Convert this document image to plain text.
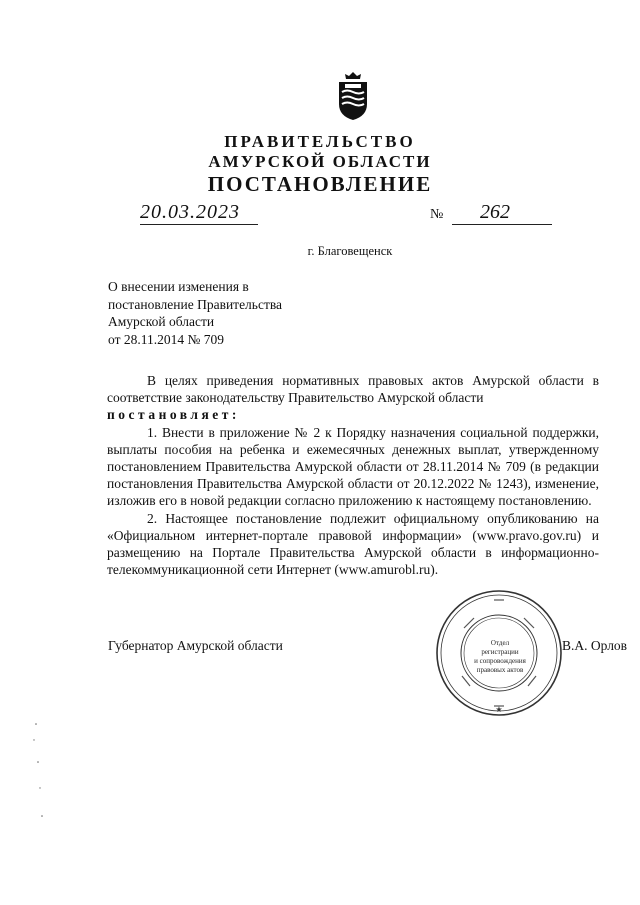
ПРАВИТЕЛЬСТВО
АМУРСКОЙ ОБЛАСТИ
ПОСТАНОВЛЕНИЕ
20.03.2023	№ 262
г. Благовещенск
О внесении изменения в
постановление Правительства
Амурской области
от 28.11.2014 № 709

В целях приведения нормативных правовых актов Амурской области в соответствие законодательству Правительство Амурской области

постановляет:

1. Внести в приложение № 2 к Порядку назначения социальной поддержки, выплаты пособия на ребенка и ежемесячных денежных выплат, утвержденному постановлением Правительства Амурской области от 28.11.2014 № 709 (в редакции постановления Правительства Амурской области от 20.12.2022 № 1243), изменение, изложив его в новой редакции согласно приложению к настоящему постановлению.

2. Настоящее постановление подлежит официальному опубликованию на «Официальном интернет-портале правовой информации» (www.pravo.gov.ru) и размещению на Портале Правительства Амурской области в информационно-телекоммуникационной сети Интернет (www.amurobl.ru).

Губернатор Амурской области	В.А. Орлов
★
Отдел
регистрации
и сопровождения
правовых актов
